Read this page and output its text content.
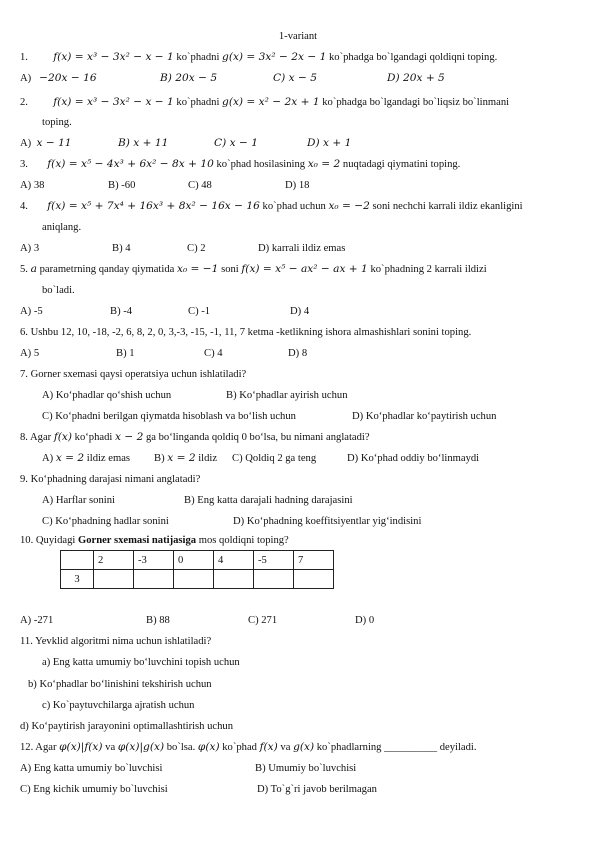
1-variant
1. f(x) = x³ − 3x² − x − 1 ko`phadni g(x) = 3x² − 2x − 1 ko`phadga bo`lgandagi qoldiqni toping.
A) −20x − 16	B) 20x − 5	C) x − 5	D) 20x + 5
2. f(x) = x³ − 3x² − x − 1 ko`phadni g(x) = x² − 2x + 1 ko`phadga bo`lgandagi bo`liqsiz bo`linmani
toping.
A) x − 11	B) x + 11	C) x − 1	D) x + 1
3. f(x) = x⁵ − 4x³ + 6x² − 8x + 10 ko`phad hosilasining x₀ = 2 nuqtadagi qiymatini toping.
A) 38	B) -60	C) 48	D) 18
4. f(x) = x⁵ + 7x⁴ + 16x³ + 8x² − 16x − 16 ko`phad uchun x₀ = −2 soni nechchi karrali ildiz ekanligini
aniqlang.
A) 3	B) 4	C) 2	D) karrali ildiz emas
5. a parametrning qanday qiymatida x₀ = −1 soni f(x) = x⁵ − ax² − ax + 1 ko`phadning 2 karrali ildizi
bo`ladi.
A) -5	B) -4	C) -1	D) 4
6. Ushbu 12, 10, -18, -2, 6, 8, 2, 0, 3,-3, -15, -1, 11, 7 ketma -ketlikning ishora almashishlari sonini toping.
A) 5	B) 1	C) 4	D) 8
7. Gorner sxemasi qaysi operatsiya uchun ishlatiladi?
A) Ko‘phadlar qo‘shish uchun	B) Ko‘phadlar ayirish uchun
C) Ko‘phadni berilgan qiymatda hisoblash va bo‘lish uchun	D) Ko‘phadlar ko‘paytirish uchun
8. Agar f(x) ko‘phadi x − 2 ga bo‘linganda qoldiq 0 bo‘lsa, bu nimani anglatadi?
A) x = 2 ildiz emas B) x = 2 ildiz C) Qoldiq 2 ga teng	D) Ko‘phad oddiy bo‘linmaydi
9. Ko‘phadning darajasi nimani anglatadi?
A) Harflar sonini	B) Eng katta darajali hadning darajasini
C) Ko‘phadning hadlar sonini	D) Ko‘phadning koeffitsiyentlar yig‘indisini
10. Quyidagi Gorner sxemasi natijasiga mos qoldiqni toping?
	2	-3	0	4	-5	7
3						
A) -271	B) 88	C) 271	D) 0
11. Yevklid algoritmi nima uchun ishlatiladi?
a) Eng katta umumiy bo‘luvchini topish uchun
b) Ko‘phadlar bo‘linishini tekshirish uchun
c) Ko`paytuvchilarga ajratish uchun
d) Ko‘paytirish jarayonini optimallashtirish uchun
12. Agar φ(x)|f(x) va φ(x)|g(x) bo`lsa. φ(x) ko`phad f(x) va g(x) ko`phadlarning __________ deyiladi.
A) Eng katta umumiy bo`luvchisi	B) Umumiy bo`luvchisi
C) Eng kichik umumiy bo`luvchisi	D) To`g`ri javob berilmagan
